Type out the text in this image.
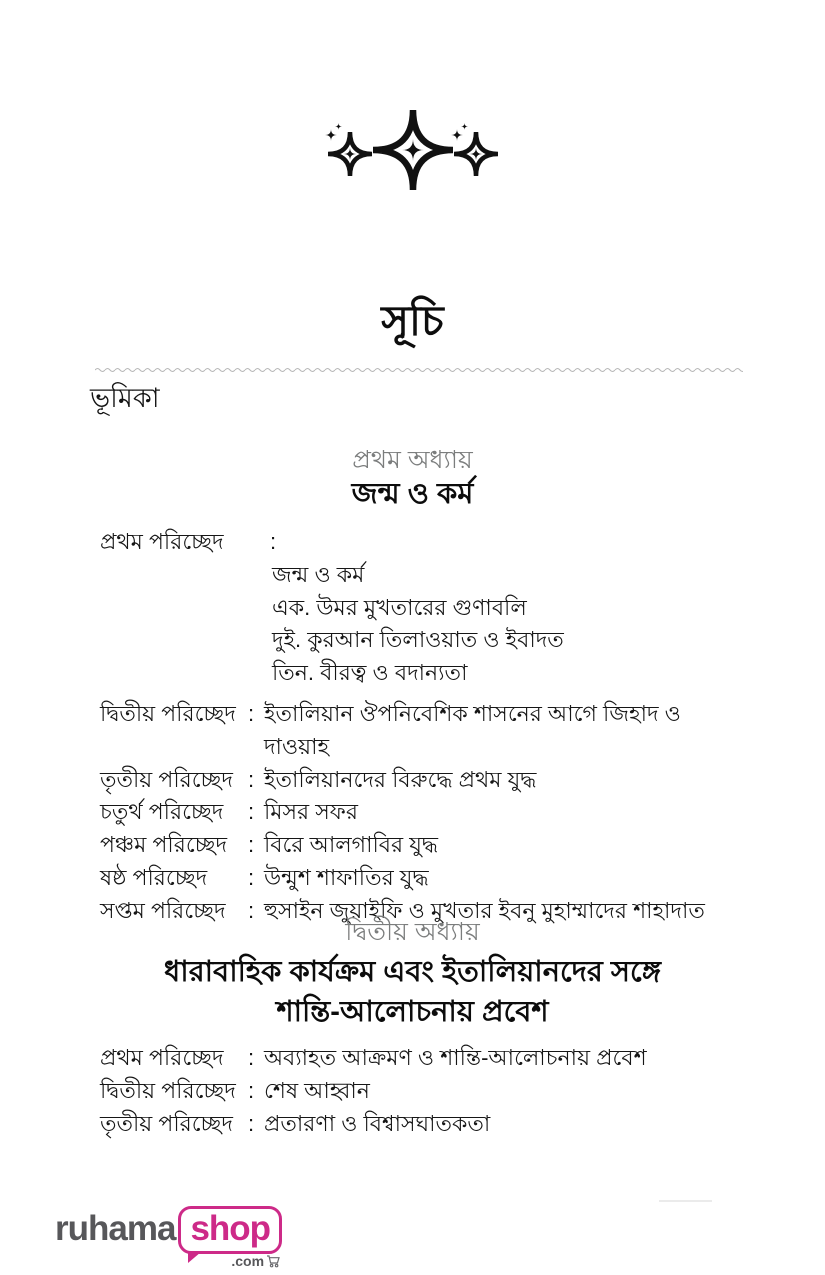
সূচি
ভূমিকা
প্রথম অধ্যায়
জন্ম ও কর্ম
প্রথম পরিচ্ছেদ	:
জন্ম ও কর্ম
এক. উমর মুখতারের গুণাবলি
দুই. কুরআন তিলাওয়াত ও ইবাদত
তিন. বীরত্ব ও বদান্যতা
দ্বিতীয় পরিচ্ছেদ : ইতালিয়ান ঔপনিবেশিক শাসনের আগে জিহাদ ও দাওয়াহ
তৃতীয় পরিচ্ছেদ : ইতালিয়ানদের বিরুদ্ধে প্রথম যুদ্ধ
চতুর্থ পরিচ্ছেদ	: মিসর সফর
পঞ্চম পরিচ্ছেদ : বিরে আলগাবির যুদ্ধ
ষষ্ঠ পরিচ্ছেদ	: উন্মুশ শাফাতির যুদ্ধ
সপ্তম পরিচ্ছেদ	: হুসাইন জুয়াইফি ও মুখতার ইবনু মুহাম্মাদের শাহাদাত
দ্বিতীয় অধ্যায়
ধারাবাহিক কার্যক্রম এবং ইতালিয়ানদের সঙ্গে
শান্তি-আলোচনায় প্রবেশ
প্রথম পরিচ্ছেদ	: অব্যাহত আক্রমণ ও শান্তি-আলোচনায় প্রবেশ
দ্বিতীয় পরিচ্ছেদ : শেষ আহ্বান
তৃতীয় পরিচ্ছেদ : প্রতারণা ও বিশ্বাসঘাতকতা
ruhama shop
.com
